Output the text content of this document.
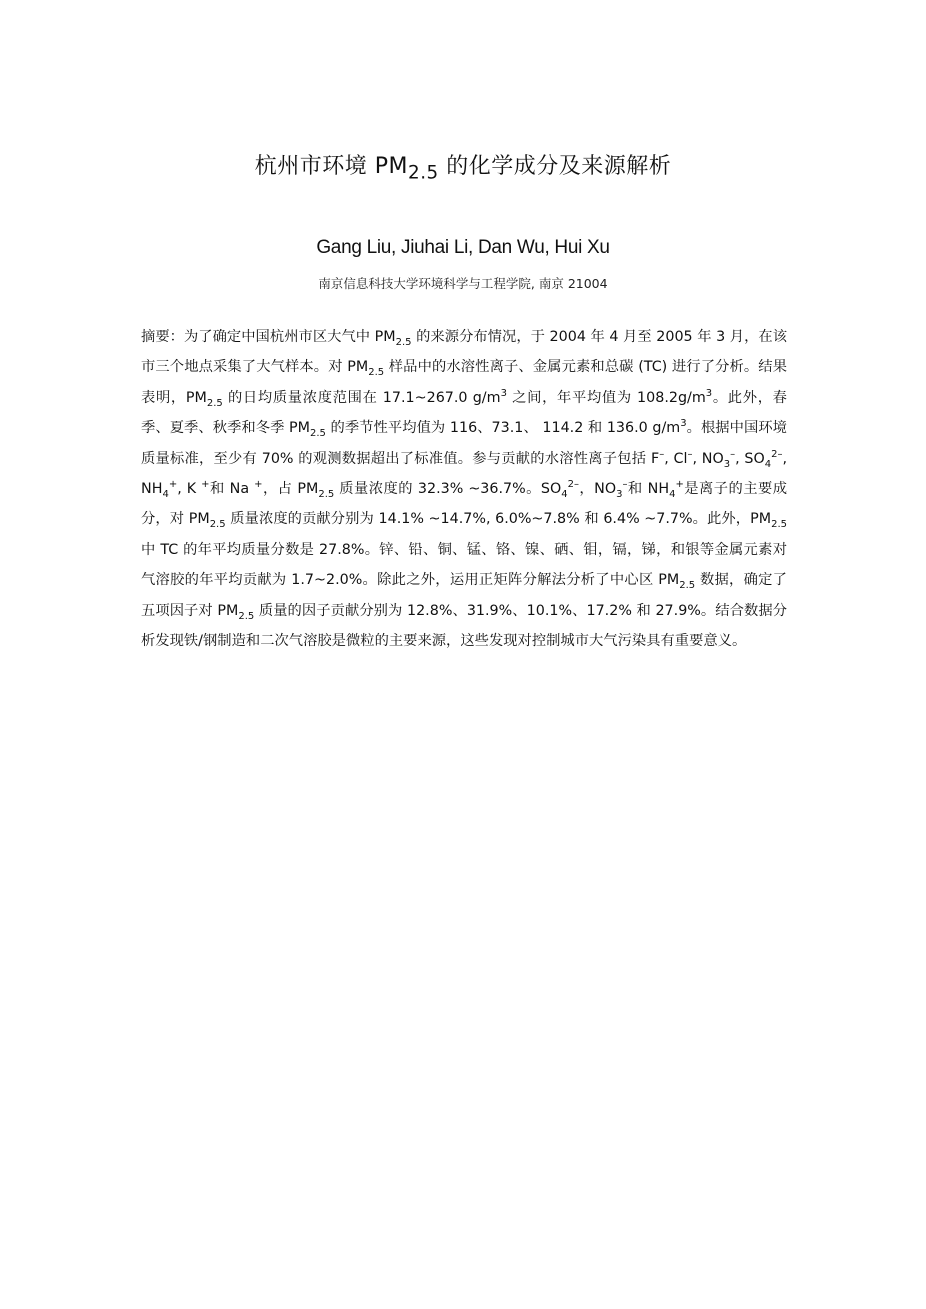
杭州市环境 $PM_{2.5}$ 的化学成分及来源解析
Gang Liu, Jiuhai Li, Dan Wu, Hui Xu
南京信息科技大学环境科学与工程学院, 南京 21004

摘要：为了确定中国杭州市区大气中 $PM_{2.5}$ 的来源分布情况，于 2004 年 4 月至 2005 年 3 月，在该市三个地点采集了大气样本。对 $PM_{2.5}$ 样品中的水溶性离子、金属元素和总碳 (TC) 进行了分析。结果表明，$PM_{2.5}$ 的日均质量浓度范围在 17.1~267.0 $g/m^3$ 之间，年平均值为 $108.2g/m^3$。此外，春季、夏季、秋季和冬季 $PM_{2.5}$ 的季节性平均值为 116、73.1、 114.2 和 136.0 $g/m^3$。根据中国环境质量标准，至少有 70% 的观测数据超出了标准值。参与贡献的水溶性离子包括 F–, Cl–, $NO_3^-$, $SO_4^{2-}$, $NH_4^+$, K +和 Na +，占 $PM_{2.5}$ 质量浓度的 32.3% ~36.7%。$SO_4^{2-}$，$NO_3^-$和 $NH_4^+$是离子的主要成分，对 $PM_{2.5}$ 质量浓度的贡献分别为 14.1% ~14.7%, 6.0%~7.8% 和 6.4% ~7.7%。此外，$PM_{2.5}$ 中 TC 的年平均质量分数是 27.8%。锌、铅、铜、锰、铬、镍、硒、钼，镉，锑，和银等金属元素对气溶胶的年平均贡献为 1.7~2.0%。除此之外，运用正矩阵分解法分析了中心区 $PM_{2.5}$ 数据，确定了五项因子对 $PM_{2.5}$ 质量的因子贡献分别为 12.8%、31.9%、10.1%、17.2% 和 27.9%。结合数据分析发现铁/钢制造和二次气溶胶是微粒的主要来源，这些发现对控制城市大气污染具有重要意义。
